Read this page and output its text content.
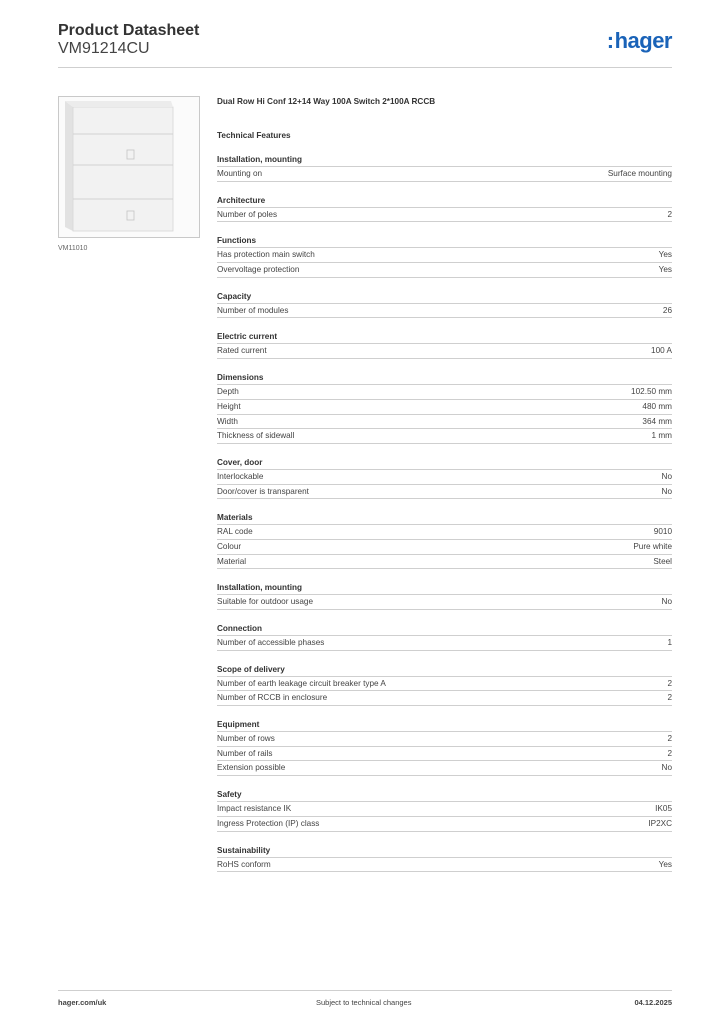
Product Datasheet
VM91214CU	:hager
VM11010
Dual Row Hi Conf 12+14 Way 100A Switch 2*100A RCCB
Technical Features
Installation, mounting
Mounting on	Surface mounting
Architecture
Number of poles	2
Functions
Has protection main switch	Yes
Overvoltage protection	Yes
Capacity
Number of modules	26
Electric current
Rated current	100 A
Dimensions
Depth	102.50 mm
Height	480 mm
Width	364 mm
Thickness of sidewall	1 mm
Cover, door
Interlockable	No
Door/cover is transparent	No
Materials
RAL code	9010
Colour	Pure white
Material	Steel
Installation, mounting
Suitable for outdoor usage	No
Connection
Number of accessible phases	1
Scope of delivery
Number of earth leakage circuit breaker type A	2
Number of RCCB in enclosure	2
Equipment
Number of rows	2
Number of rails	2
Extension possible	No
Safety
Impact resistance IK	IK05
Ingress Protection (IP) class	IP2XC
Sustainability
RoHS conform	Yes
hager.com/uk	Subject to technical changes	04.12.2025
